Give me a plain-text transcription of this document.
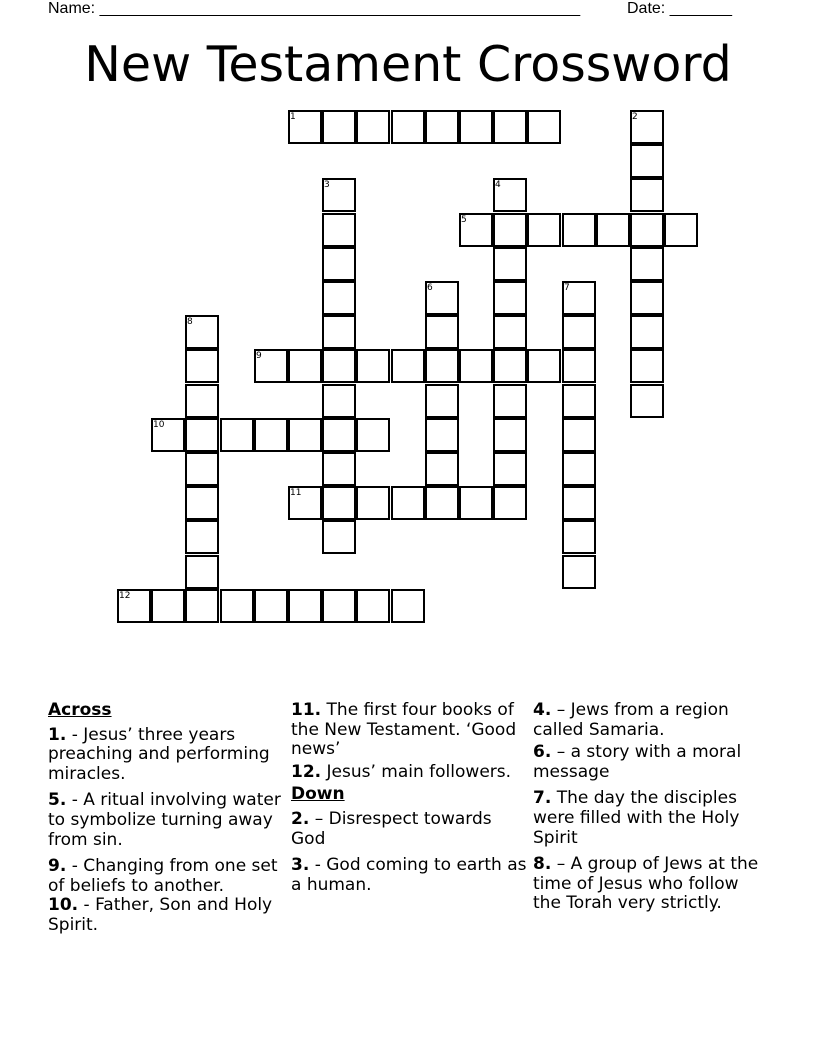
Name: ______________________________________________________	Date: _______
New Testament Crossword
1	2
3	4
5
6	7
8
9
10
11
12
Across
1. - Jesus’ three years preaching and performing miracles.
5. - A ritual involving water to symbolize turning away from sin.
9. - Changing from one set of beliefs to another.
10. - Father, Son and Holy Spirit.
11. The first four books of the New Testament. ‘Good news’
12. Jesus’ main followers.
Down
2. – Disrespect towards God
3. - God coming to earth as a human.
4. – Jews from a region called Samaria.
6. – a story with a moral message
7. The day the disciples were filled with the Holy Spirit
8. – A group of Jews at the time of Jesus who follow the Torah very strictly.
